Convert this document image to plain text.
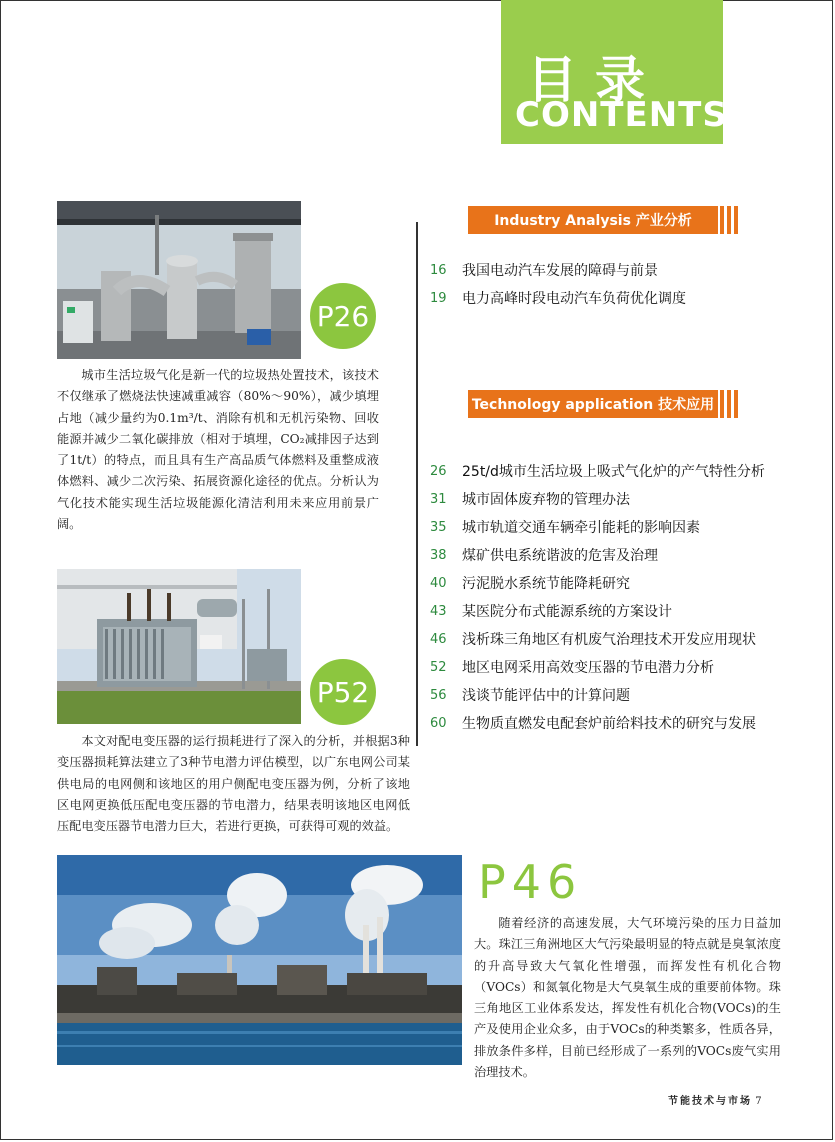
目录
CONTENTS
Industry Analysis 产业分析
Technology application 技术应用
16	我国电动汽车发展的障碍与前景
19	电力高峰时段电动汽车负荷优化调度
26	25t/d城市生活垃圾上吸式气化炉的产气特性分析
31	城市固体废弃物的管理办法
35	城市轨道交通车辆牵引能耗的影响因素
38	煤矿供电系统谐波的危害及治理
40	污泥脱水系统节能降耗研究
43	某医院分布式能源系统的方案设计
46	浅析珠三角地区有机废气治理技术开发应用现状
52	地区电网采用高效变压器的节电潜力分析
56	浅谈节能评估中的计算问题
60	生物质直燃发电配套炉前给料技术的研究与发展
P26
P52
P46

城市生活垃圾气化是新一代的垃圾热处置技术，该技术不仅继承了燃烧法快速减重减容（80%～90%），减少填埋占地（减少量约为0.1m³/t、消除有机和无机污染物、回收能源并减少二氧化碳排放（相对于填埋，CO₂减排因子达到了1t/t）的特点，而且具有生产高品质气体燃料及重整成液体燃料、减少二次污染、拓展资源化途径的优点。分析认为气化技术能实现生活垃圾能源化清洁利用未来应用前景广阔。

本文对配电变压器的运行损耗进行了深入的分析，并根据3种变压器损耗算法建立了3种节电潜力评估模型，以广东电网公司某供电局的电网侧和该地区的用户侧配电变压器为例，分析了该地区电网更换低压配电变压器的节电潜力，结果表明该地区电网低压配电变压器节电潜力巨大，若进行更换，可获得可观的效益。

随着经济的高速发展，大气环境污染的压力日益加大。珠江三角洲地区大气污染最明显的特点就是臭氧浓度的升高导致大气氧化性增强，而挥发性有机化合物（VOCs）和氮氧化物是大气臭氧生成的重要前体物。珠三角地区工业体系发达，挥发性有机化合物(VOCs)的生产及使用企业众多，由于VOCs的种类繁多，性质各异，排放条件多样，目前已经形成了一系列的VOCs废气实用治理技术。

节能技术与市场 7
